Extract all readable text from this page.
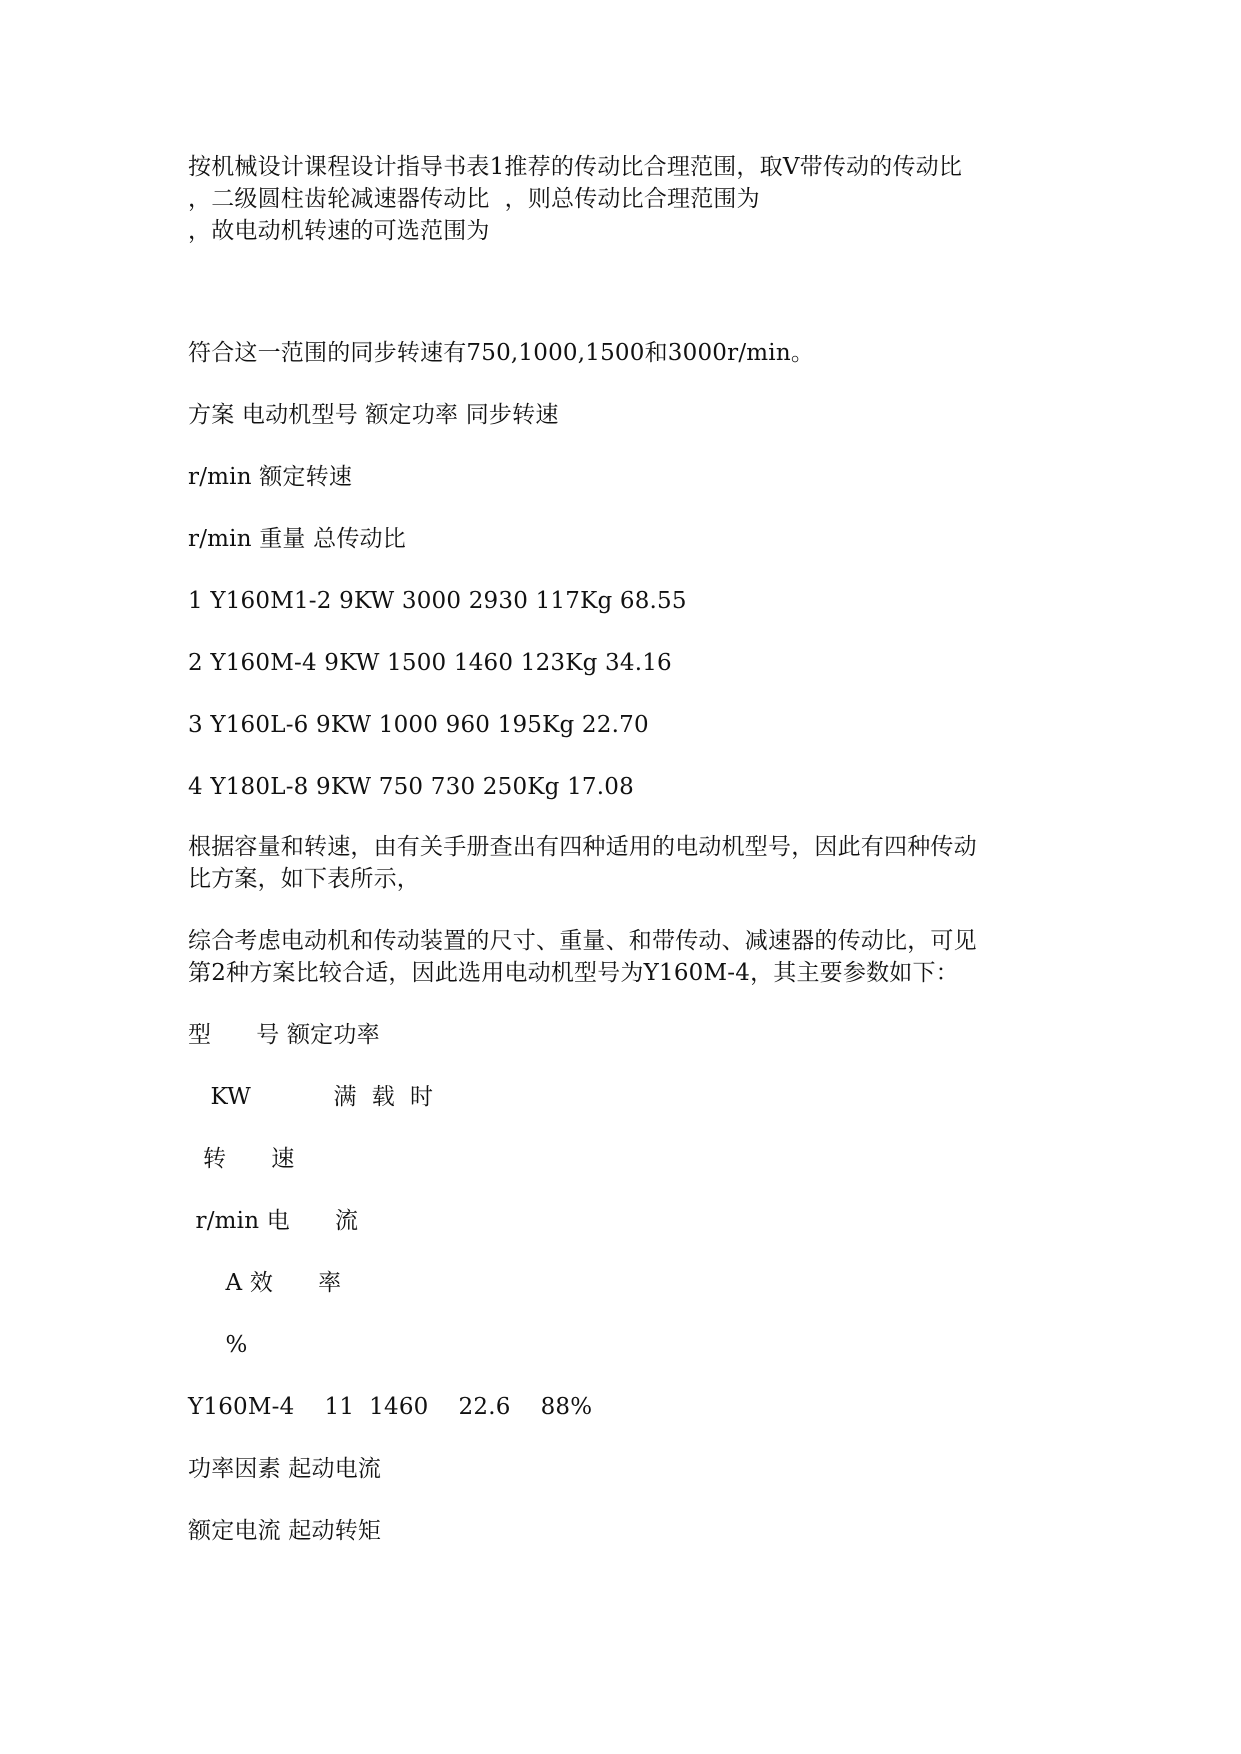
按机械设计课程设计指导书表1推荐的传动比合理范围，取V带传动的传动比
，二级圆柱齿轮减速器传动比  ，则总传动比合理范围为
，故电动机转速的可选范围为
符合这一范围的同步转速有750,1000,1500和3000r/min。
方案 电动机型号 额定功率 同步转速
r/min 额定转速
r/min 重量 总传动比
1 Y160M1-2 9KW 3000 2930 117Kg 68.55
2 Y160M-4 9KW 1500 1460 123Kg 34.16
3 Y160L-6 9KW 1000 960 195Kg 22.70
4 Y180L-8 9KW 750 730 250Kg 17.08
根据容量和转速，由有关手册查出有四种适用的电动机型号，因此有四种传动
比方案，如下表所示，
综合考虑电动机和传动装置的尺寸、重量、和带传动、减速器的传动比，可见
第2种方案比较合适，因此选用电动机型号为Y160M-4，其主要参数如下：
型      号 额定功率
KW           满  载  时
转      速
r/min 电      流
A 效      率
%
Y160M-4    11  1460    22.6    88%
功率因素 起动电流
额定电流 起动转矩
